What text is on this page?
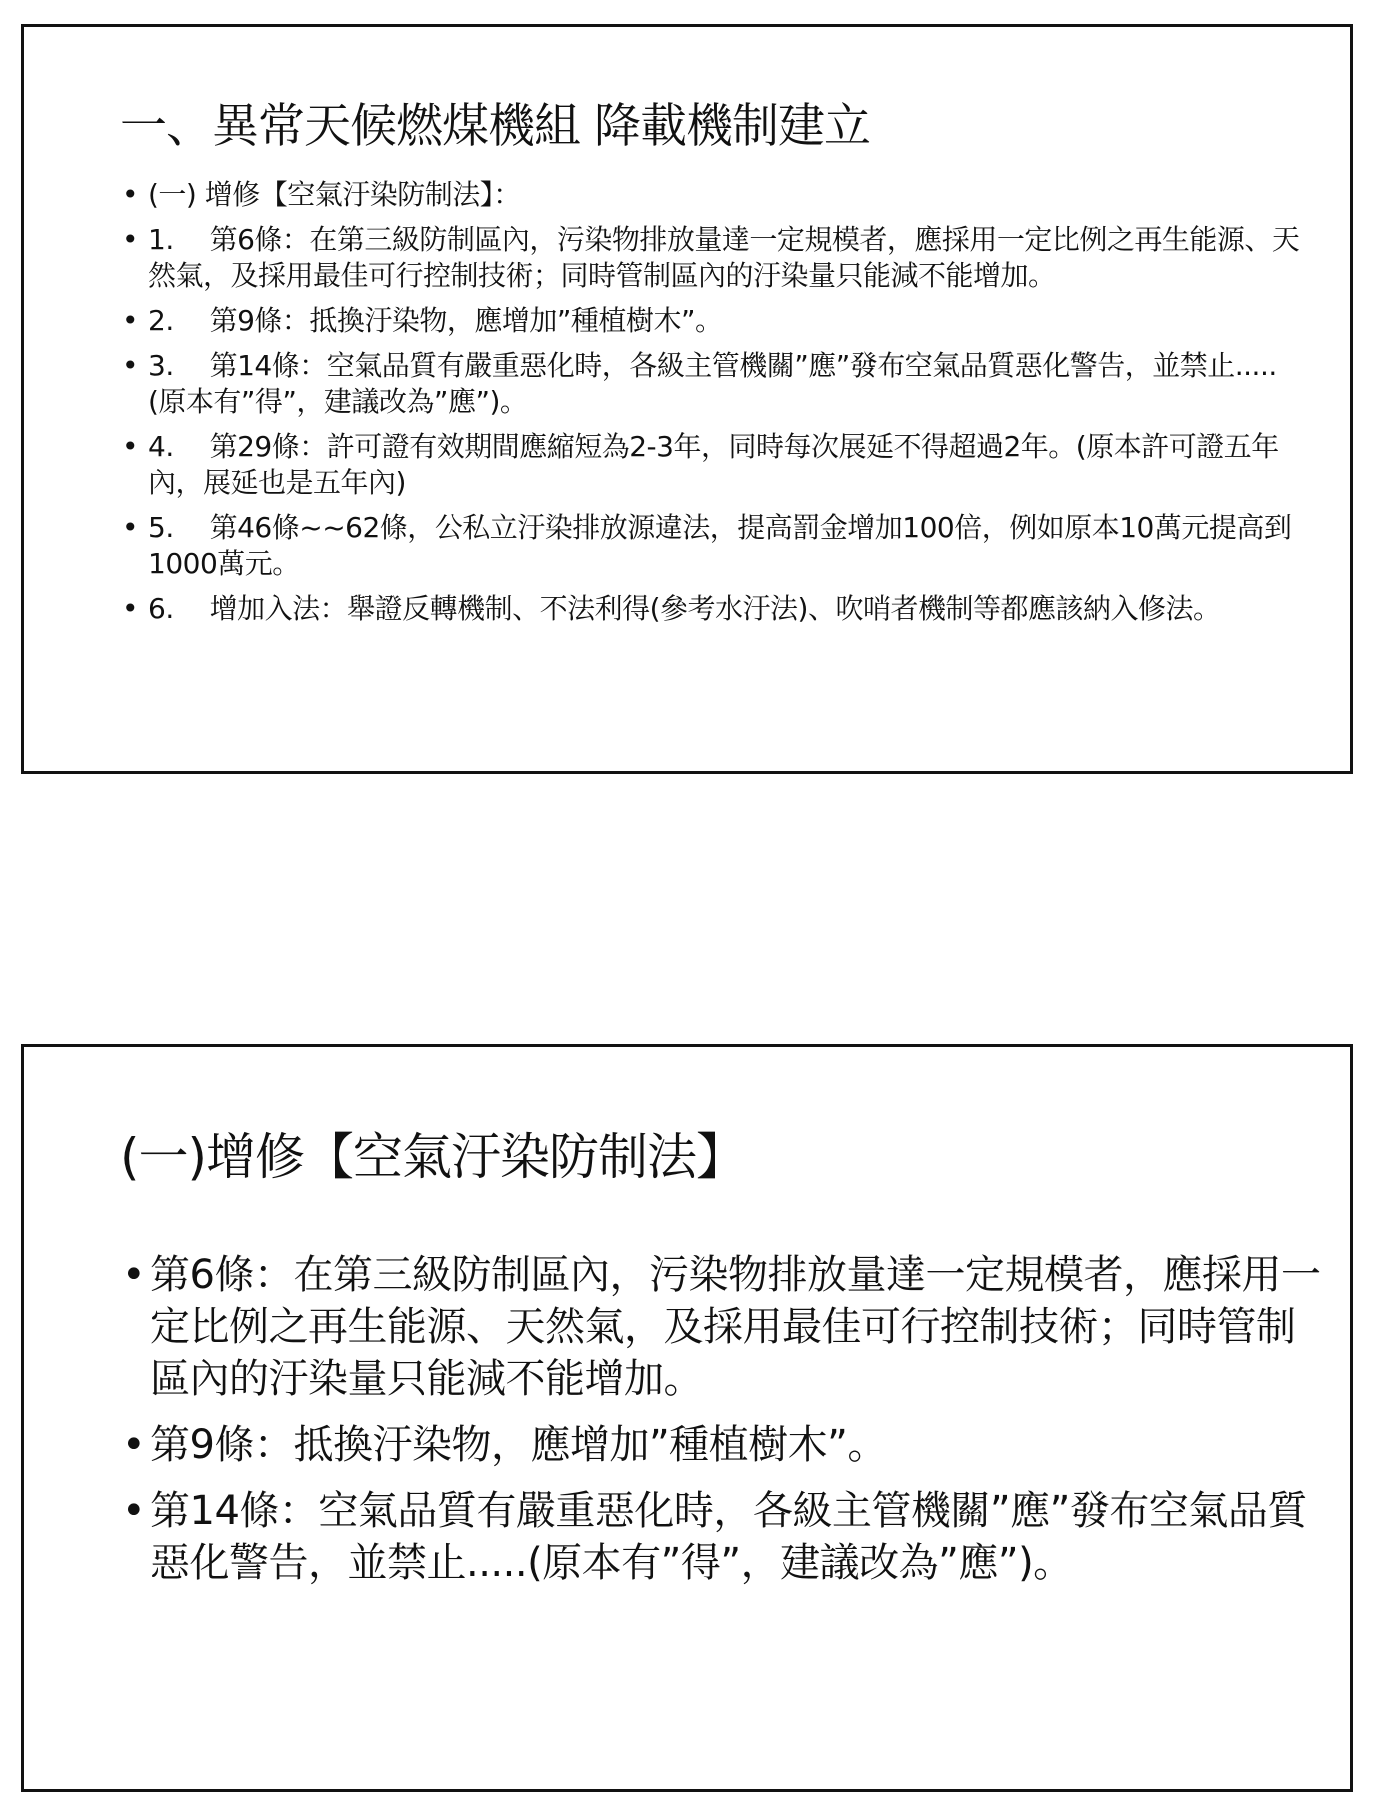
一、異常天候燃煤機組 降載機制建立
• (一) 增修【空氣汙染防制法】：
• 1.　 第6條：在第三級防制區內，污染物排放量達一定規模者，應採用一定比例之再生能源、天然氣，及採用最佳可行控制技術；同時管制區內的汙染量只能減不能增加。
• 2.　 第9條：抵換汙染物，應增加”種植樹木”。
• 3.　 第14條：空氣品質有嚴重惡化時，各級主管機關”應”發布空氣品質惡化警告，並禁止.....(原本有”得”，建議改為”應”)。
• 4.　 第29條：許可證有效期間應縮短為2-3年，同時每次展延不得超過2年。(原本許可證五年內，展延也是五年內)
• 5.　 第46條~~62條，公私立汙染排放源違法，提高罰金增加100倍，例如原本10萬元提高到1000萬元。
• 6.　 增加入法：舉證反轉機制、不法利得(參考水汙法)、吹哨者機制等都應該納入修法。
(一)增修【空氣汙染防制法】
• 第6條：在第三級防制區內，污染物排放量達一定規模者，應採用一定比例之再生能源、天然氣，及採用最佳可行控制技術；同時管制區內的汙染量只能減不能增加。
• 第9條：抵換汙染物，應增加”種植樹木”。
• 第14條：空氣品質有嚴重惡化時，各級主管機關”應”發布空氣品質惡化警告，並禁止.....(原本有”得”，建議改為”應”)。
